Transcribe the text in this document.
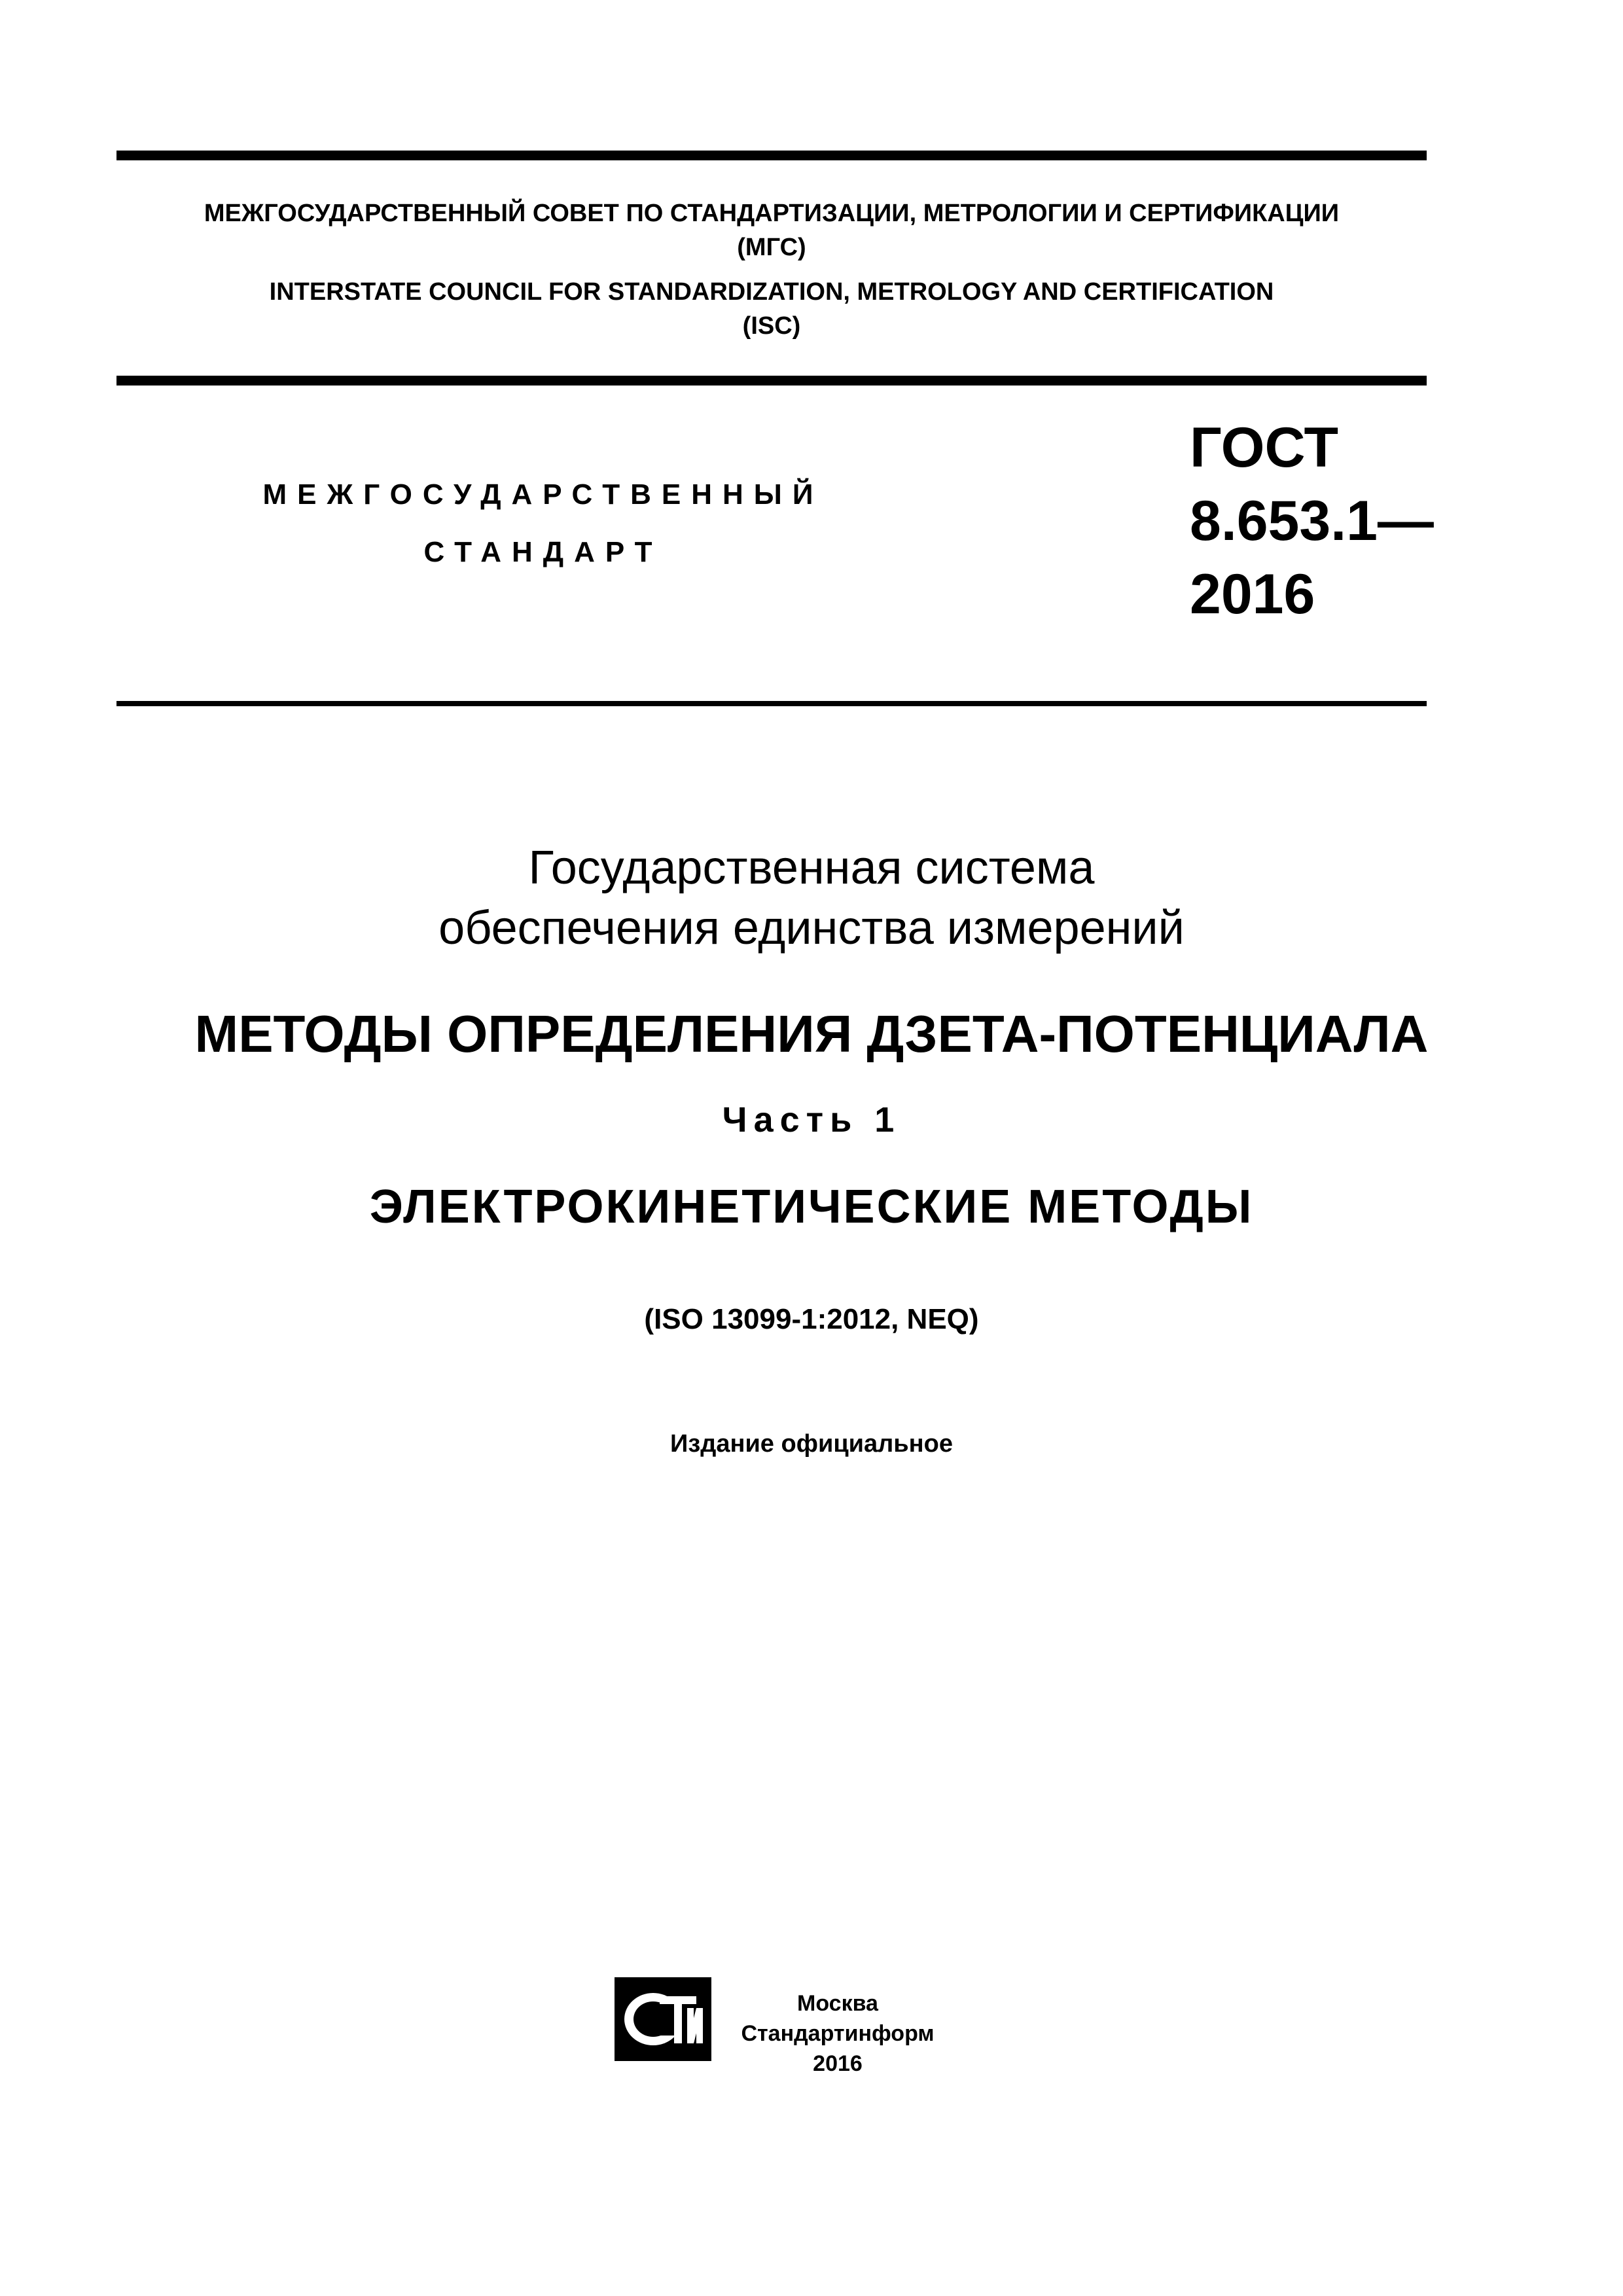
МЕЖГОСУДАРСТВЕННЫЙ СОВЕТ ПО СТАНДАРТИЗАЦИИ, МЕТРОЛОГИИ И СЕРТИФИКАЦИИ
(МГС)
INTERSTATE COUNCIL FOR STANDARDIZATION, METROLOGY AND CERTIFICATION
(ISC)
МЕЖГОСУДАРСТВЕННЫЙ
СТАНДАРТ
ГОСТ
8.653.1—
2016
Государственная система
обеспечения единства измерений
МЕТОДЫ ОПРЕДЕЛЕНИЯ ДЗЕТА-ПОТЕНЦИАЛА
Часть 1
ЭЛЕКТРОКИНЕТИЧЕСКИЕ МЕТОДЫ
(ISO 13099-1:2012, NEQ)
Издание официальное
Москва
Стандартинформ
2016
